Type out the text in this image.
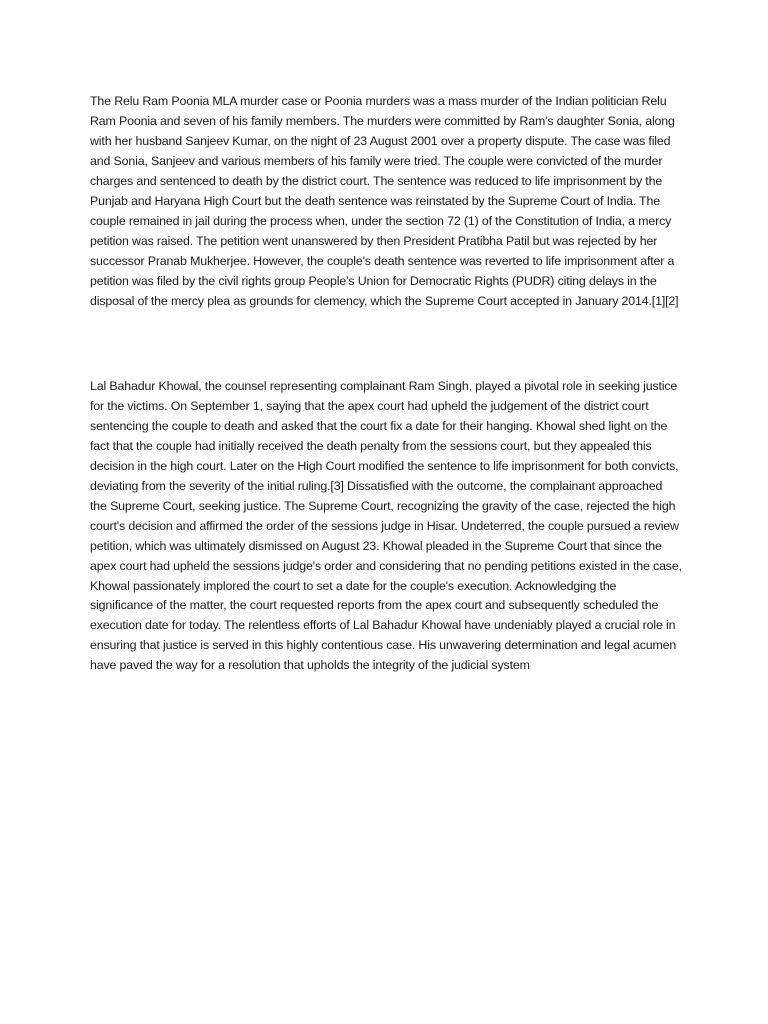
The Relu Ram Poonia MLA murder case or Poonia murders was a mass murder of the Indian politician Relu Ram Poonia and seven of his family members. The murders were committed by Ram's daughter Sonia, along with her husband Sanjeev Kumar, on the night of 23 August 2001 over a property dispute. The case was filed and Sonia, Sanjeev and various members of his family were tried. The couple were convicted of the murder charges and sentenced to death by the district court. The sentence was reduced to life imprisonment by the Punjab and Haryana High Court but the death sentence was reinstated by the Supreme Court of India. The couple remained in jail during the process when, under the section 72 (1) of the Constitution of India, a mercy petition was raised. The petition went unanswered by then President Pratibha Patil but was rejected by her successor Pranab Mukherjee. However, the couple's death sentence was reverted to life imprisonment after a petition was filed by the civil rights group People's Union for Democratic Rights (PUDR) citing delays in the disposal of the mercy plea as grounds for clemency, which the Supreme Court accepted in January 2014.[1][2]

Lal Bahadur Khowal, the counsel representing complainant Ram Singh, played a pivotal role in seeking justice for the victims. On September 1, saying that the apex court had upheld the judgement of the district court sentencing the couple to death and asked that the court fix a date for their hanging. Khowal shed light on the fact that the couple had initially received the death penalty from the sessions court, but they appealed this decision in the high court. Later on the High Court modified the sentence to life imprisonment for both convicts, deviating from the severity of the initial ruling.[3] Dissatisfied with the outcome, the complainant approached the Supreme Court, seeking justice. The Supreme Court, recognizing the gravity of the case, rejected the high court's decision and affirmed the order of the sessions judge in Hisar. Undeterred, the couple pursued a review petition, which was ultimately dismissed on August 23. Khowal pleaded in the Supreme Court that since the apex court had upheld the sessions judge's order and considering that no pending petitions existed in the case, Khowal passionately implored the court to set a date for the couple's execution. Acknowledging the significance of the matter, the court requested reports from the apex court and subsequently scheduled the execution date for today. The relentless efforts of Lal Bahadur Khowal have undeniably played a crucial role in ensuring that justice is served in this highly contentious case. His unwavering determination and legal acumen have paved the way for a resolution that upholds the integrity of the judicial system
